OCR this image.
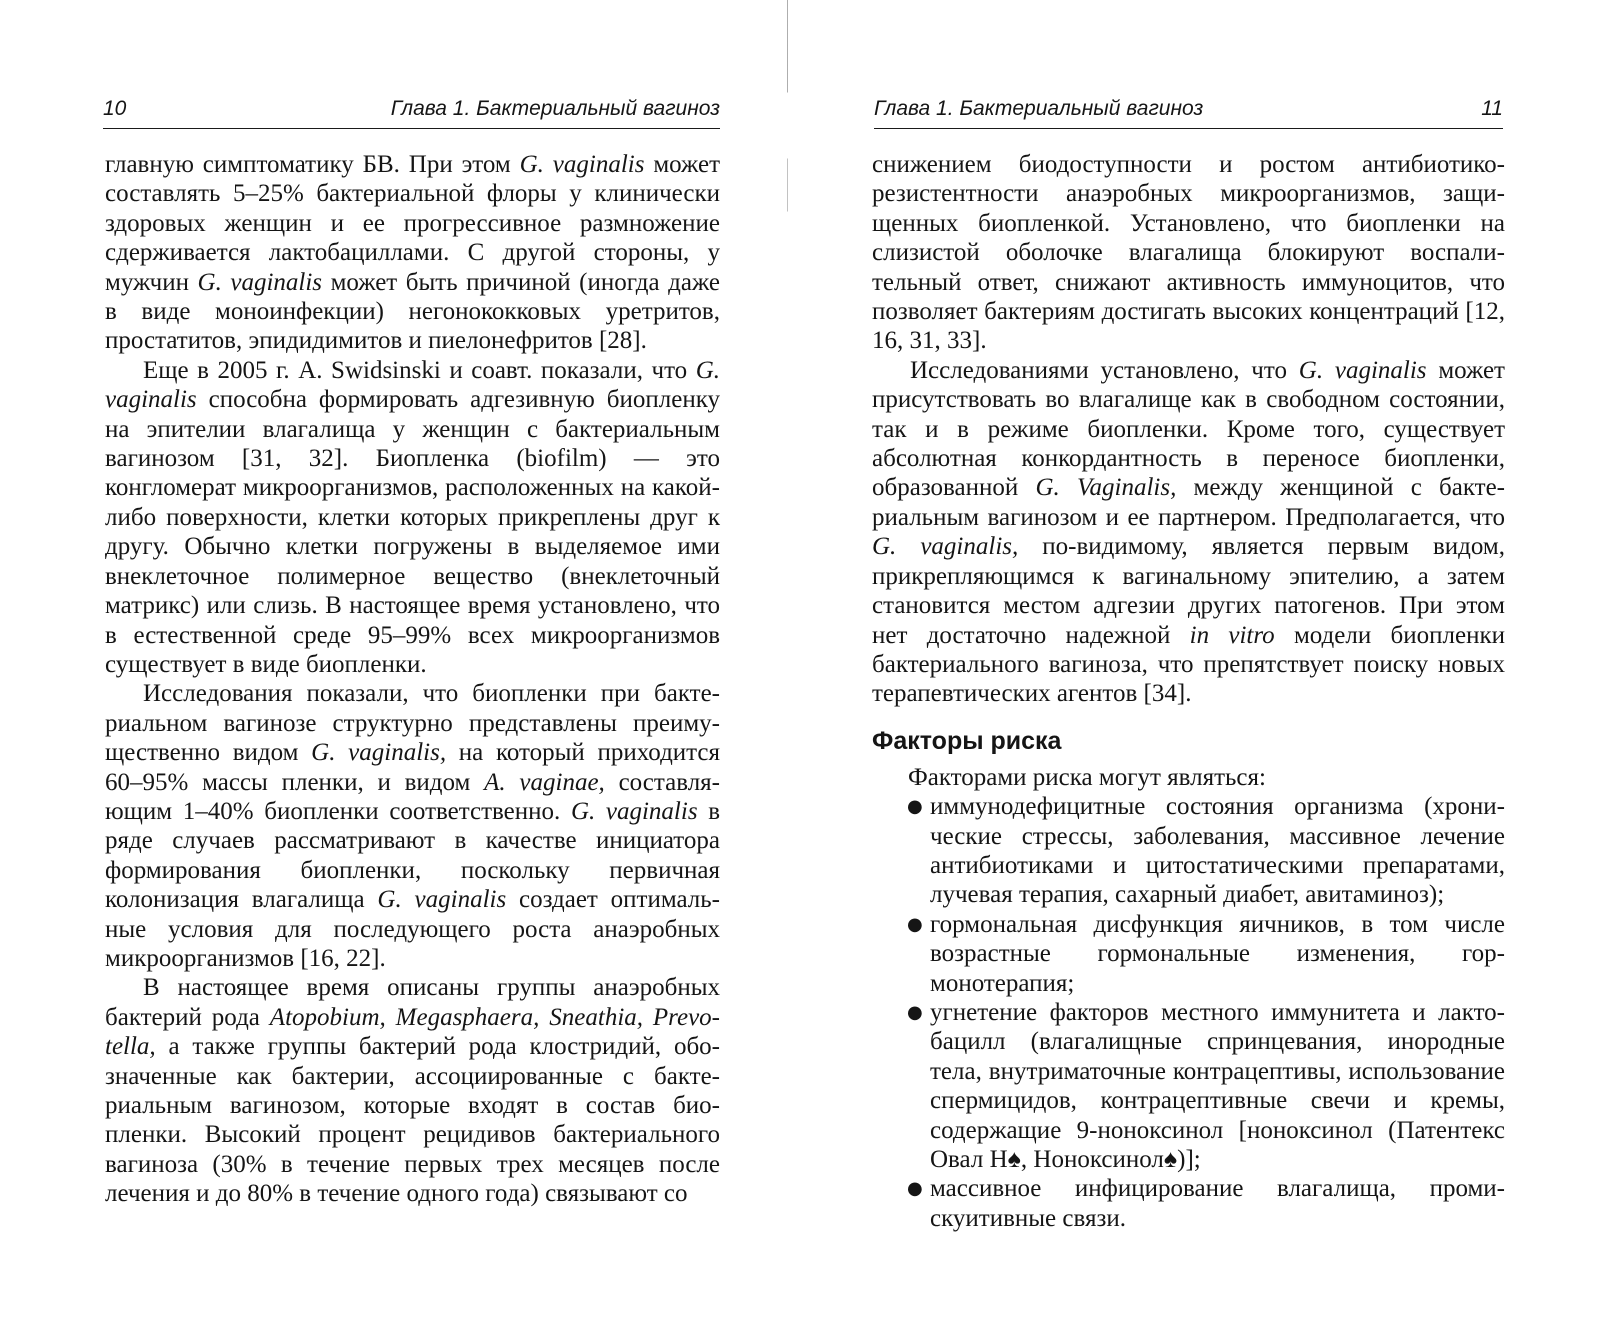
10	Глава 1. Бактериальный вагиноз

главную симптоматику БВ. При этом G. vaginalis может составлять 5–25% бактериальной флоры у клинически здоровых женщин и ее прогрессивное размножение сдерживается лактобациллами. С другой стороны, у мужчин G. vaginalis может быть причиной (иногда даже в виде моноинфекции) негонококковых уретритов, простатитов, эпидидимитов и пиелонефритов [28].

Еще в 2005 г. A. Swidsinski и соавт. показали, что G. vaginalis способна формировать адгезивную биопленку на эпителии влагалища у женщин с бактериальным вагинозом [31, 32]. Биопленка (biofilm) — это конгломерат микроорганизмов, расположенных на какой-либо поверхности, клетки которых прикреплены друг к другу. Обычно клетки погружены в выделяемое ими внеклеточное полимерное вещество (внеклеточный матрикс) или слизь. В настоящее время установлено, что в естественной среде 95–99% всех микроорганизмов существует в виде биопленки.

Исследования показали, что биопленки при бактериальном вагинозе структурно представлены преимущественно видом G. vaginalis, на который приходится 60–95% массы пленки, и видом A. vaginae, составляющим 1–40% биопленки соответственно. G. vaginalis в ряде случаев рассматривают в качестве инициатора формирования биопленки, поскольку первичная колонизация влагалища G. vaginalis создает оптимальные условия для последующего роста анаэробных микроорганизмов [16, 22].

В настоящее время описаны группы анаэробных бактерий рода Atopobium, Megasphaera, Sneathia, Prevotella, а также группы бактерий рода клостридий, обозначенные как бактерии, ассоциированные с бактериальным вагинозом, которые входят в состав биопленки. Высокий процент рецидивов бактериального вагиноза (30% в течение первых трех месяцев после лечения и до 80% в течение одного года) связывают со

Глава 1. Бактериальный вагиноз	11

снижением биодоступности и ростом антибиотикорезистентности анаэробных микроорганизмов, защищенных биопленкой. Установлено, что биопленки на слизистой оболочке влагалища блокируют воспалительный ответ, снижают активность иммуноцитов, что позволяет бактериям достигать высоких концентраций [12, 16, 31, 33].

Исследованиями установлено, что G. vaginalis может присутствовать во влагалище как в свободном состоянии, так и в режиме биопленки. Кроме того, существует абсолютная конкордантность в переносе биопленки, образованной G. Vaginalis, между женщиной с бактериальным вагинозом и ее партнером. Предполагается, что G. vaginalis, по-видимому, является первым видом, прикрепляющимся к вагинальному эпителию, а затем становится местом адгезии других патогенов. При этом нет достаточно надежной in vitro модели биопленки бактериального вагиноза, что препятствует поиску новых терапевтических агентов [34].

Факторы риска

Факторами риска могут являться:

● иммунодефицитные состояния организма (хронические стрессы, заболевания, массивное лечение антибиотиками и цитостатическими препаратами, лучевая терапия, сахарный диабет, авитаминоз);
● гормональная дисфункция яичников, в том числе возрастные гормональные изменения, гормонотерапия;
● угнетение факторов местного иммунитета и лактобацилл (влагалищные спринцевания, инородные тела, внутриматочные контрацептивы, использование спермицидов, контрацептивные свечи и кремы, содержащие 9-ноноксинол [ноноксинол (Патентекс Овал Н♠, Ноноксинол♠)];
● массивное инфицирование влагалища, промискуитивные связи.
